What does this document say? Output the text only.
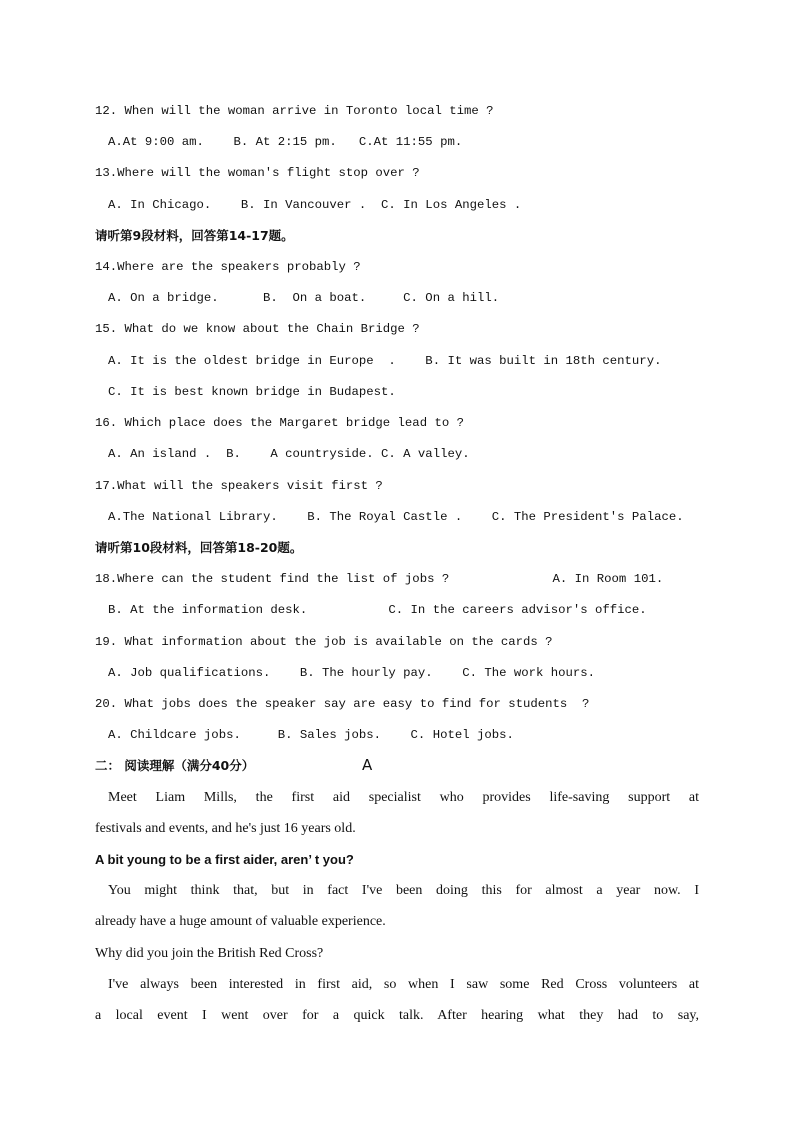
12. When will the woman arrive in Toronto local time ?
A.At 9:00 am.    B. At 2:15 pm.   C.At 11:55 pm.
13.Where will the woman's flight stop over ?
A. In Chicago.    B. In Vancouver .  C. In Los Angeles .
请听第9段材料，回答第14-17题。
14.Where are the speakers probably ?
A. On a bridge.      B.  On a boat.     C. On a hill.
15. What do we know about the Chain Bridge ?
A. It is the oldest bridge in Europe  .    B. It was built in 18th century.
C. It is best known bridge in Budapest.
16. Which place does the Margaret bridge lead to ?
A. An island .  B.    A countryside. C. A valley.
17.What will the speakers visit first ?
A.The National Library.    B. The Royal Castle .    C. The President's Palace.
请听第10段材料，回答第18-20题。
18.Where can the student find the list of jobs ?              A. In Room 101.
B. At the information desk.           C. In the careers advisor's office.
19. What information about the job is available on the cards ?
A. Job qualifications.    B. The hourly pay.    C. The work hours.
20. What jobs does the speaker say are easy to find for students  ?
A. Childcare jobs.     B. Sales jobs.    C. Hotel jobs.
二： 阅读理解（满分40分）	A
Meet Liam Mills, the first aid specialist who provides life-saving support at
festivals and events, and he's just 16 years old.
A bit young to be a first aider, aren’ t you?
You might think that, but in fact I've been doing this for almost a year now. I
already have a huge amount of valuable experience.
Why did you join the British Red Cross?
I've always been interested in first aid, so when I saw some Red Cross volunteers at
a local event I went over for a quick talk. After hearing what they had to say,
